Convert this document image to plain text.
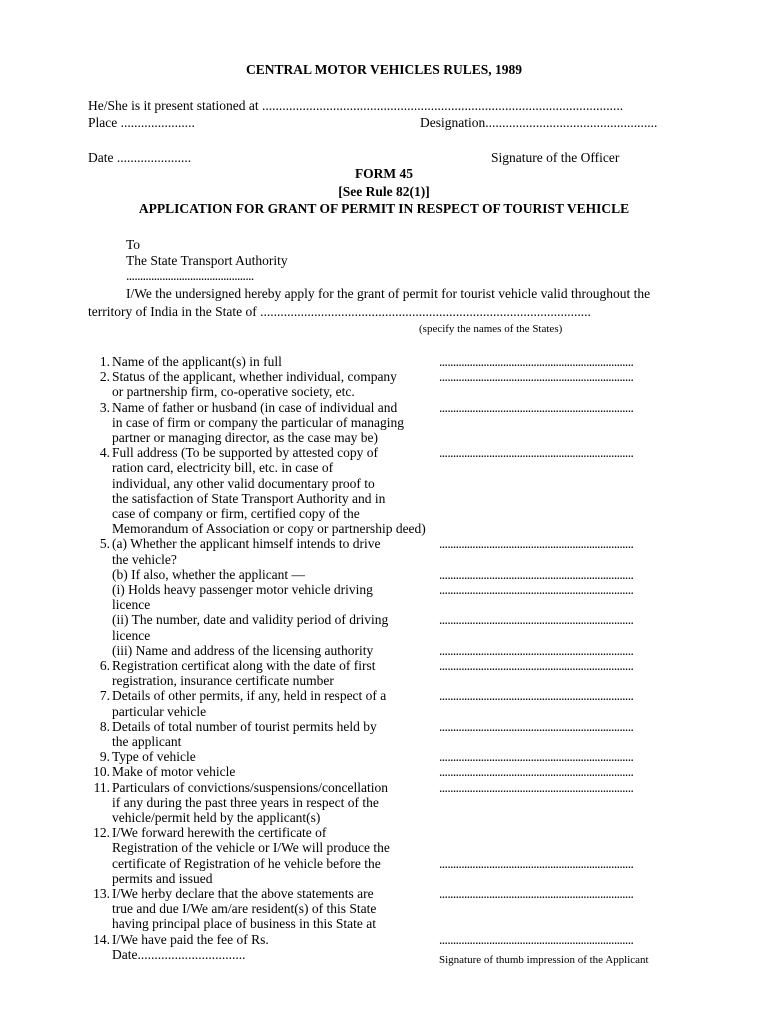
CENTRAL MOTOR VEHICLES RULES, 1989
He/She is it present stationed at ...........................................................................................................
Place ......................	Designation...................................................
Date ......................	Signature of the Officer
FORM 45
[See Rule 82(1)]
APPLICATION FOR GRANT OF PERMIT IN RESPECT OF TOURIST VEHICLE
To
The State Transport Authority
..............................................
I/We the undersigned hereby apply for the grant of permit for tourist vehicle valid throughout the
territory of India in the State of ..................................................................................................
(specify the names of the States)
1. Name of the applicant(s) in full	......................................................................
2. Status of the applicant, whether individual, company	......................................................................
or partnership firm, co-operative society, etc.
3. Name of father or husband (in case of individual and	......................................................................
in case of firm or company the particular of managing
partner or managing director, as the case may be)
4. Full address (To be supported by attested copy of	......................................................................
ration card, electricity bill, etc. in case of
individual, any other valid documentary proof to
the satisfaction of State Transport Authority and in
case of company or firm, certified copy of the
Memorandum of Association or copy or partnership deed)
5. (a) Whether the applicant himself intends to drive	......................................................................
the vehicle?
(b) If also, whether the applicant —	......................................................................
(i) Holds heavy passenger motor vehicle driving	......................................................................
licence
(ii) The number, date and validity period of driving	......................................................................
licence
(iii) Name and address of the licensing authority	......................................................................
6. Registration certificat along with the date of first	......................................................................
registration, insurance certificate number
7. Details of other permits, if any, held in respect of a	......................................................................
particular vehicle
8. Details of total number of tourist permits held by	......................................................................
the applicant
9. Type of vehicle	......................................................................
10. Make of motor vehicle	......................................................................
11. Particulars of convictions/suspensions/concellation	......................................................................
if any during the past three years in respect of the
vehicle/permit held by the applicant(s)
12. I/We forward herewith the certificate of
Registration of the vehicle or I/We will produce the
certificate of Registration of he vehicle before the	......................................................................
permits and issued
13. I/We herby declare that the above statements are	......................................................................
true and due I/We am/are resident(s) of this State
having principal place of business in this State at
14. I/We have paid the fee of Rs.	......................................................................
Date................................	Signature of thumb impression of the Applicant
